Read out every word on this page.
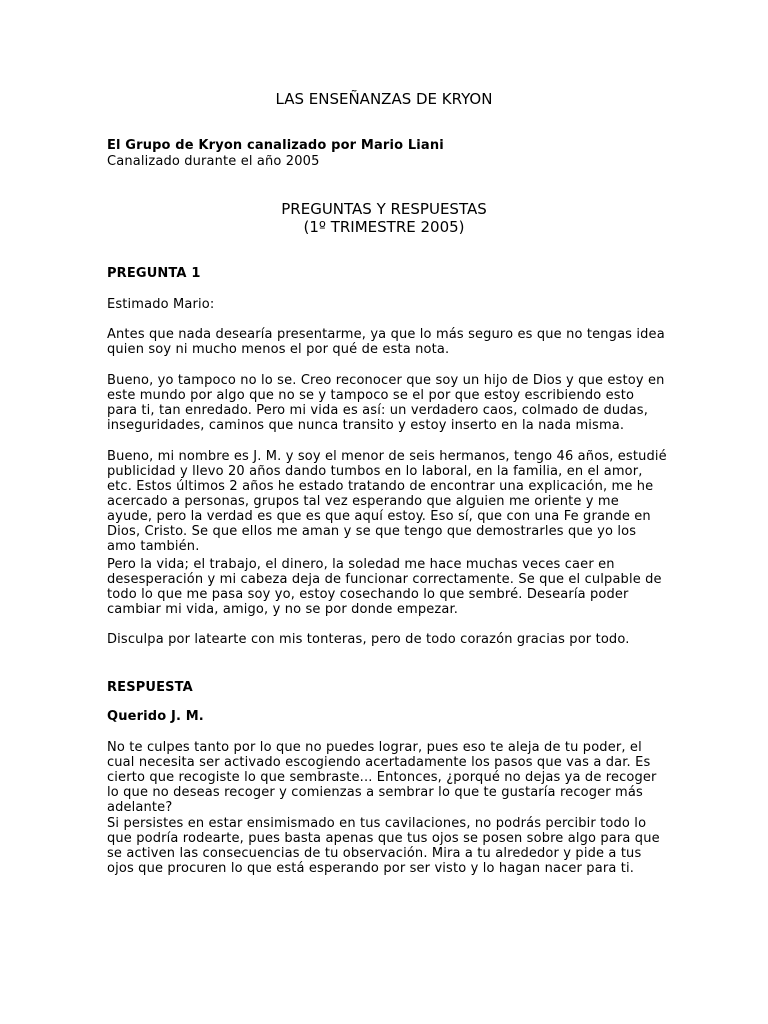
LAS ENSEÑANZAS DE KRYON
El Grupo de Kryon canalizado por Mario Liani
Canalizado durante el año 2005
PREGUNTAS Y RESPUESTAS
(1º TRIMESTRE 2005)
PREGUNTA 1
Estimado Mario:
Antes que nada desearía presentarme, ya que lo más seguro es que no tengas idea quien soy ni mucho menos el por qué de esta nota.
Bueno, yo tampoco no lo se. Creo reconocer que soy un hijo de Dios y que estoy en este mundo por algo que no se y tampoco se el por que estoy escribiendo esto para ti, tan enredado. Pero mi vida es así: un verdadero caos, colmado de dudas, inseguridades, caminos que nunca transito y estoy inserto en la nada misma.
Bueno, mi nombre es J. M. y soy el menor de seis hermanos, tengo 46 años, estudié publicidad y llevo 20 años dando tumbos en lo laboral, en la familia, en el amor, etc. Estos últimos 2 años he estado tratando de encontrar una explicación, me he acercado a personas, grupos tal vez esperando que alguien me oriente y me ayude, pero la verdad es que es que aquí estoy. Eso sí, que con una Fe grande en Dios, Cristo. Se que ellos me aman y se que tengo que demostrarles que yo los amo también.
Pero la vida; el trabajo, el dinero, la soledad me hace muchas veces caer en desesperación y mi cabeza deja de funcionar correctamente. Se que el culpable de todo lo que me pasa soy yo, estoy cosechando lo que sembré. Desearía poder cambiar mi vida, amigo, y no se por donde empezar.
Disculpa por latearte con mis tonteras, pero de todo corazón gracias por todo.
RESPUESTA
Querido J. M.
No te culpes tanto por lo que no puedes lograr, pues eso te aleja de tu poder, el cual necesita ser activado escogiendo acertadamente los pasos que vas a dar. Es cierto que recogiste lo que sembraste... Entonces, ¿porqué no dejas ya de recoger lo que no deseas recoger y comienzas a sembrar lo que te gustaría recoger más adelante?
Si persistes en estar ensimismado en tus cavilaciones, no podrás percibir todo lo que podría rodearte, pues basta apenas que tus ojos se posen sobre algo para que se activen las consecuencias de tu observación. Mira a tu alrededor y pide a tus ojos que procuren lo que está esperando por ser visto y lo hagan nacer para ti.
